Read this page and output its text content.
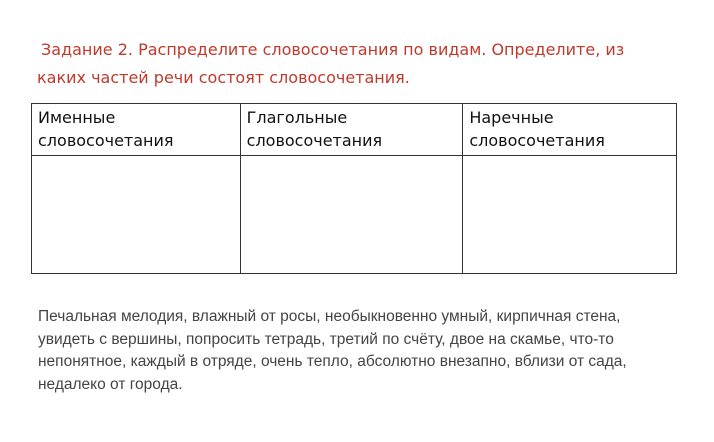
Задание 2. Распределите словосочетания по видам. Определите, из каких частей речи состоят словосочетания.

Именные словосочетания	Глагольные словосочетания	Наречные словосочетания

Печальная мелодия, влажный от росы, необыкновенно умный, кирпичная стена, увидеть с вершины, попросить тетрадь, третий по счёту, двое на скамье, что-то непонятное, каждый в отряде, очень тепло, абсолютно внезапно, вблизи от сада, недалеко от города.
